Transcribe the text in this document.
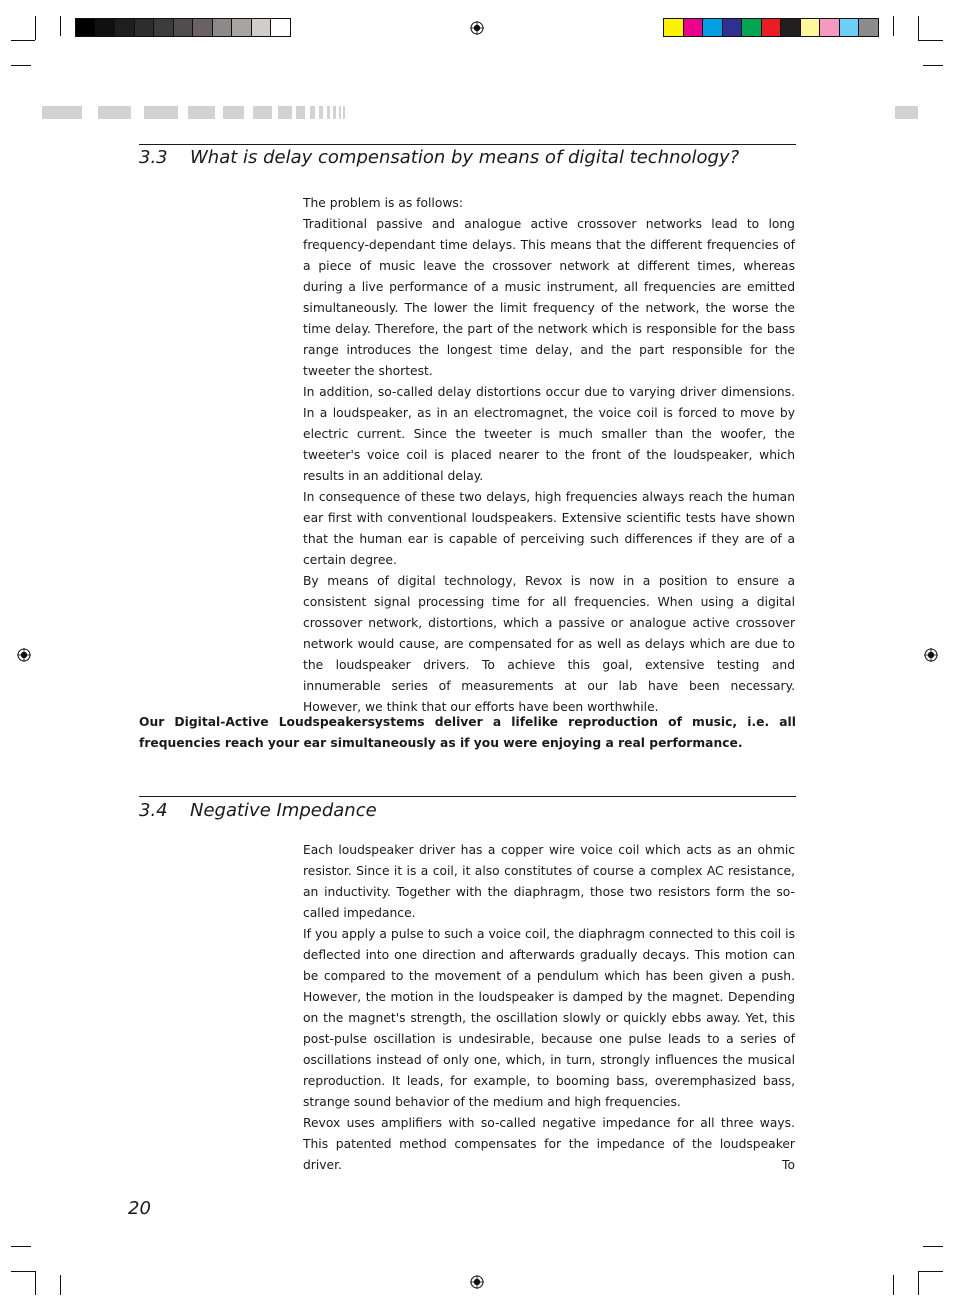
3.3 What is delay compensation by means of digital technology?

The problem is as follows:

Traditional passive and analogue active crossover networks lead to long frequency-dependant time delays. This means that the different frequencies of a piece of music leave the crossover network at different times, whereas during a live performance of a music instrument, all frequencies are emitted simultaneously. The lower the limit frequency of the network, the worse the time delay. Therefore, the part of the network which is responsible for the bass range introduces the longest time delay, and the part responsible for the tweeter the shortest.

In addition, so-called delay distortions occur due to varying driver dimensions. In a loudspeaker, as in an electromagnet, the voice coil is forced to move by electric current. Since the tweeter is much smaller than the woofer, the tweeter's voice coil is placed nearer to the front of the loudspeaker, which results in an additional delay.

In consequence of these two delays, high frequencies always reach the human ear first with conventional loudspeakers. Extensive scientific tests have shown that the human ear is capable of perceiving such differences if they are of a certain degree.

By means of digital technology, Revox is now in a position to ensure a consistent signal processing time for all frequencies. When using a digital crossover network, distortions, which a passive or analogue active crossover network would cause, are compensated for as well as delays which are due to the loudspeaker drivers. To achieve this goal, extensive testing and innumerable series of measurements at our lab have been necessary. However, we think that our efforts have been worthwhile.

Our Digital-Active Loudspeakersystems deliver a lifelike reproduction of music, i.e. all frequencies reach your ear simultaneously as if you were enjoying a real performance.

3.4 Negative Impedance

Each loudspeaker driver has a copper wire voice coil which acts as an ohmic resistor. Since it is a coil, it also constitutes of course a complex AC resistance, an inductivity. Together with the diaphragm, those two resistors form the so-called impedance.

If you apply a pulse to such a voice coil, the diaphragm connected to this coil is deflected into one direction and afterwards gradually decays. This motion can be compared to the movement of a pendulum which has been given a push. However, the motion in the loudspeaker is damped by the magnet. Depending on the magnet's strength, the oscillation slowly or quickly ebbs away. Yet, this post-pulse oscillation is undesirable, because one pulse leads to a series of oscillations instead of only one, which, in turn, strongly influences the musical reproduction. It leads, for example, to booming bass, overemphasized bass, strange sound behavior of the medium and high frequencies.

Revox uses amplifiers with so-called negative impedance for all three ways. This patented method compensates for the impedance of the loudspeaker driver. To

20
